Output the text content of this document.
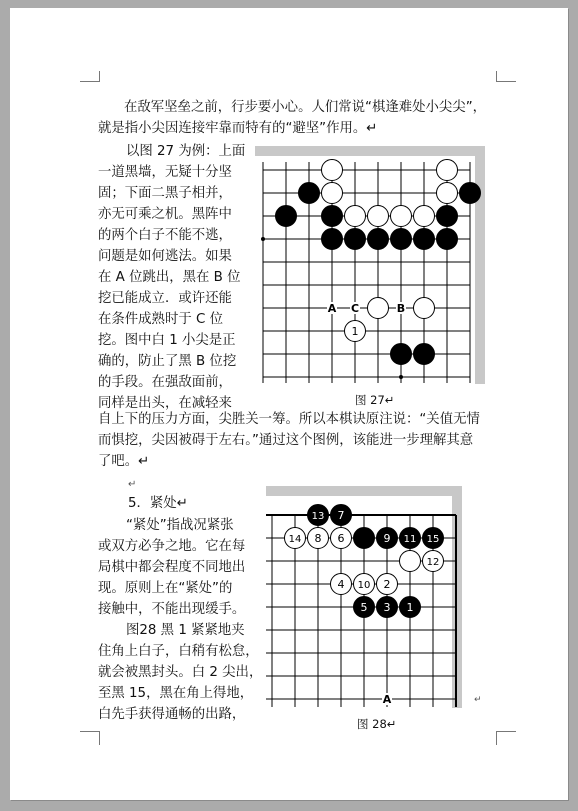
在敌军坚垒之前，行步要小心。人们常说“棋逢难处小尖尖”，

就是指小尖因连接牢靠而特有的“避坚”作用。↵

以图 27 为例：上面

一道黑墙，无疑十分坚

固；下面二黑子相并，

亦无可乘之机。黑阵中

的两个白子不能不逃，

问题是如何逃法。如果

在 A 位跳出，黑在 B 位

挖已能成立．或许还能

在条件成熟时于 C 位

挖。图中白 1 小尖是正

确的，防止了黑 B 位挖

的手段。在强敌面前，

同样是出头，在减轻来

A C	B
1
图 27↵

自上下的压力方面，尖胜关一筹。所以本棋诀原注说：“关值无情

而惧挖，尖因被碍于左右。”通过这个图例，该能进一步理解其意

了吧。↵

↵

5．紧处↵

“紧处”指战况紧张

或双方必争之地。它在每

局棋中都会程度不同地出

现。原则上在“紧处”的

接触中，不能出现缓手。

图28 黑 1 紧紧地夹

住角上白子，白稍有松怠，

就会被黑封头。白 2 尖出，

至黑 15，黑在角上得地，

白先手获得通畅的出路，

13 7
9 11 15
5 3 1
14 8 6
12
4 10 2
A
图 28↵
↵
